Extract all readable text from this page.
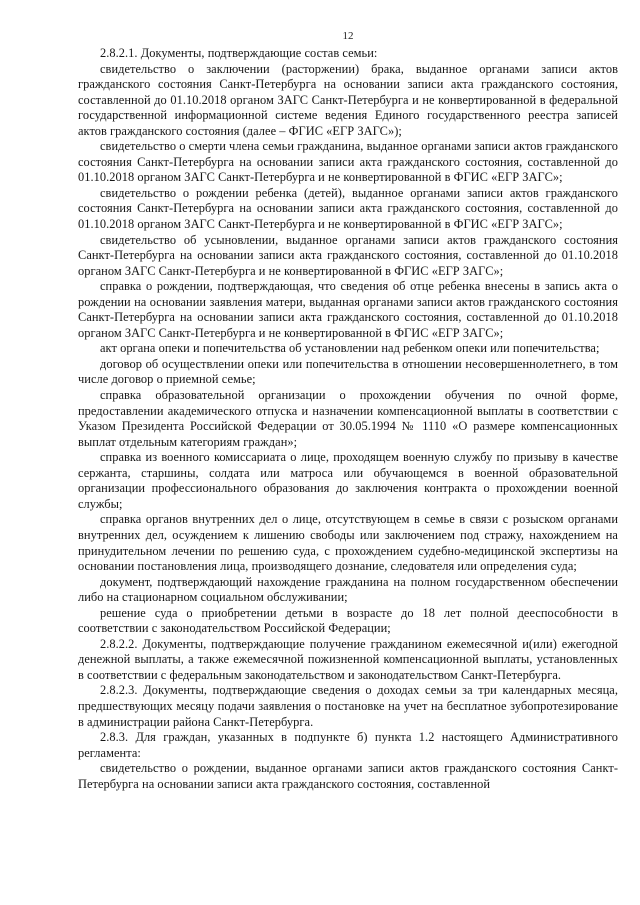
12

2.8.2.1. Документы, подтверждающие состав семьи:

свидетельство о заключении (расторжении) брака, выданное органами записи актов гражданского состояния Санкт-Петербурга на основании записи акта гражданского состояния, составленной до 01.10.2018 органом ЗАГС Санкт-Петербурга и не конвертированной в федеральной государственной информационной системе ведения Единого государственного реестра записей актов гражданского состояния (далее – ФГИС «ЕГР ЗАГС»);

свидетельство о смерти члена семьи гражданина, выданное органами записи актов гражданского состояния Санкт-Петербурга на основании записи акта гражданского состояния, составленной до 01.10.2018 органом ЗАГС Санкт-Петербурга и не конвертированной в ФГИС «ЕГР ЗАГС»;

свидетельство о рождении ребенка (детей), выданное органами записи актов гражданского состояния Санкт-Петербурга на основании записи акта гражданского состояния, составленной до 01.10.2018 органом ЗАГС Санкт-Петербурга и не конвертированной в ФГИС «ЕГР ЗАГС»;

свидетельство об усыновлении, выданное органами записи актов гражданского состояния Санкт-Петербурга на основании записи акта гражданского состояния, составленной до 01.10.2018 органом ЗАГС Санкт-Петербурга и не конвертированной в ФГИС «ЕГР ЗАГС»;

справка о рождении, подтверждающая, что сведения об отце ребенка внесены в запись акта о рождении на основании заявления матери, выданная органами записи актов гражданского состояния Санкт-Петербурга на основании записи акта гражданского состояния, составленной до 01.10.2018 органом ЗАГС Санкт-Петербурга и не конвертированной в ФГИС «ЕГР ЗАГС»;

акт органа опеки и попечительства об установлении над ребенком опеки или попечительства;

договор об осуществлении опеки или попечительства в отношении несовершеннолетнего, в том числе договор о приемной семье;

справка образовательной организации о прохождении обучения по очной форме, предоставлении академического отпуска и назначении компенсационной выплаты в соответствии с Указом Президента Российской Федерации от 30.05.1994 № 1110 «О размере компенсационных выплат отдельным категориям граждан»;

справка из военного комиссариата о лице, проходящем военную службу по призыву в качестве сержанта, старшины, солдата или матроса или обучающемся в военной образовательной организации профессионального образования до заключения контракта о прохождении военной службы;

справка органов внутренних дел о лице, отсутствующем в семье в связи с розыском органами внутренних дел, осуждением к лишению свободы или заключением под стражу, нахождением на принудительном лечении по решению суда, с прохождением судебно-медицинской экспертизы на основании постановления лица, производящего дознание, следователя или определения суда;

документ, подтверждающий нахождение гражданина на полном государственном обеспечении либо на стационарном социальном обслуживании;

решение суда о приобретении детьми в возрасте до 18 лет полной дееспособности в соответствии с законодательством Российской Федерации;

2.8.2.2. Документы, подтверждающие получение гражданином ежемесячной и(или) ежегодной денежной выплаты, а также ежемесячной пожизненной компенсационной выплаты, установленных в соответствии с федеральным законодательством и законодательством Санкт-Петербурга.

2.8.2.3. Документы, подтверждающие сведения о доходах семьи за три календарных месяца, предшествующих месяцу подачи заявления о постановке на учет на бесплатное зубопротезирование в администрации района Санкт-Петербурга.

2.8.3. Для граждан, указанных в подпункте б) пункта 1.2 настоящего Административного регламента:

свидетельство о рождении, выданное органами записи актов гражданского состояния Санкт-Петербурга на основании записи акта гражданского состояния, составленной
